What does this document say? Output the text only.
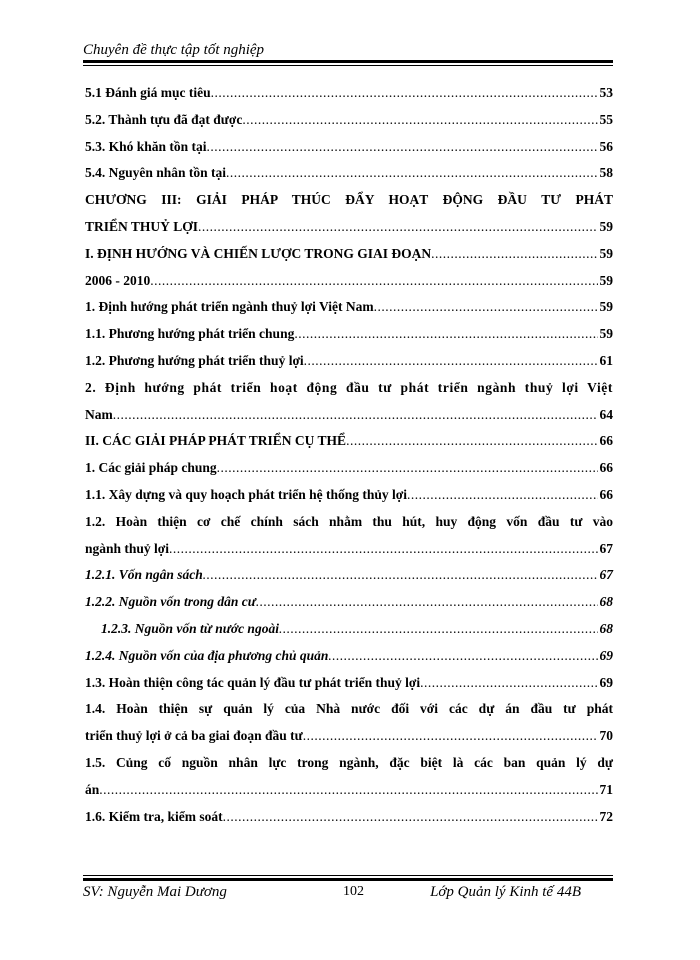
Chuyên đề thực tập tốt nghiệp
5.1 Đánh giá mục tiêu .....	53
5.2. Thành tựu đã đạt được .....	55
5.3. Khó khăn tồn tại .....	56
5.4. Nguyên nhân tồn tại .....	58
CHƯƠNG III: GIẢI PHÁP THÚC ĐẨY HOẠT ĐỘNG ĐẦU TƯ PHÁT
TRIỂN THUỶ LỢI .....	59
I. ĐỊNH HƯỚNG VÀ CHIẾN LƯỢC TRONG GIAI ĐOẠN .....	59
2006 - 2010 .....	59
1. Định hướng phát triển ngành thuỷ lợi Việt Nam .....	59
1.1. Phương hướng phát triển chung .....	59
1.2. Phương hướng phát triển thuỷ lợi .....	61
2. Định hướng phát triển hoạt động đầu tư phát triển ngành thuỷ lợi Việt
Nam .....	64
II. CÁC GIẢI PHÁP PHÁT TRIỂN CỤ THỂ .....	66
1. Các giải pháp chung .....	66
1.1. Xây dựng và quy hoạch phát triển hệ thống thủy lợi .....	66
1.2. Hoàn thiện cơ chế chính sách nhằm thu hút, huy động vốn đầu tư vào
ngành thuỷ lợi .....	67
1.2.1. Vốn ngân sách .....	67
1.2.2. Nguồn vốn trong dân cư .....	68
1.2.3. Nguồn vốn từ nước ngoài .....	68
1.2.4. Nguồn vốn của địa phương chủ quản .....	69
1.3. Hoàn thiện công tác quản lý đầu tư phát triển thuỷ lợi .....	69
1.4. Hoàn thiện sự quản lý của Nhà nước đối với các dự án đầu tư phát
triển thuỷ lợi ở cả ba giai đoạn đầu tư .....	70
1.5. Củng cố nguồn nhân lực trong ngành, đặc biệt là các ban quản lý dự
án .....	71
1.6. Kiểm tra, kiểm soát .....	72
SV: Nguyễn Mai Dương	102	Lớp Quản lý Kinh tế 44B
